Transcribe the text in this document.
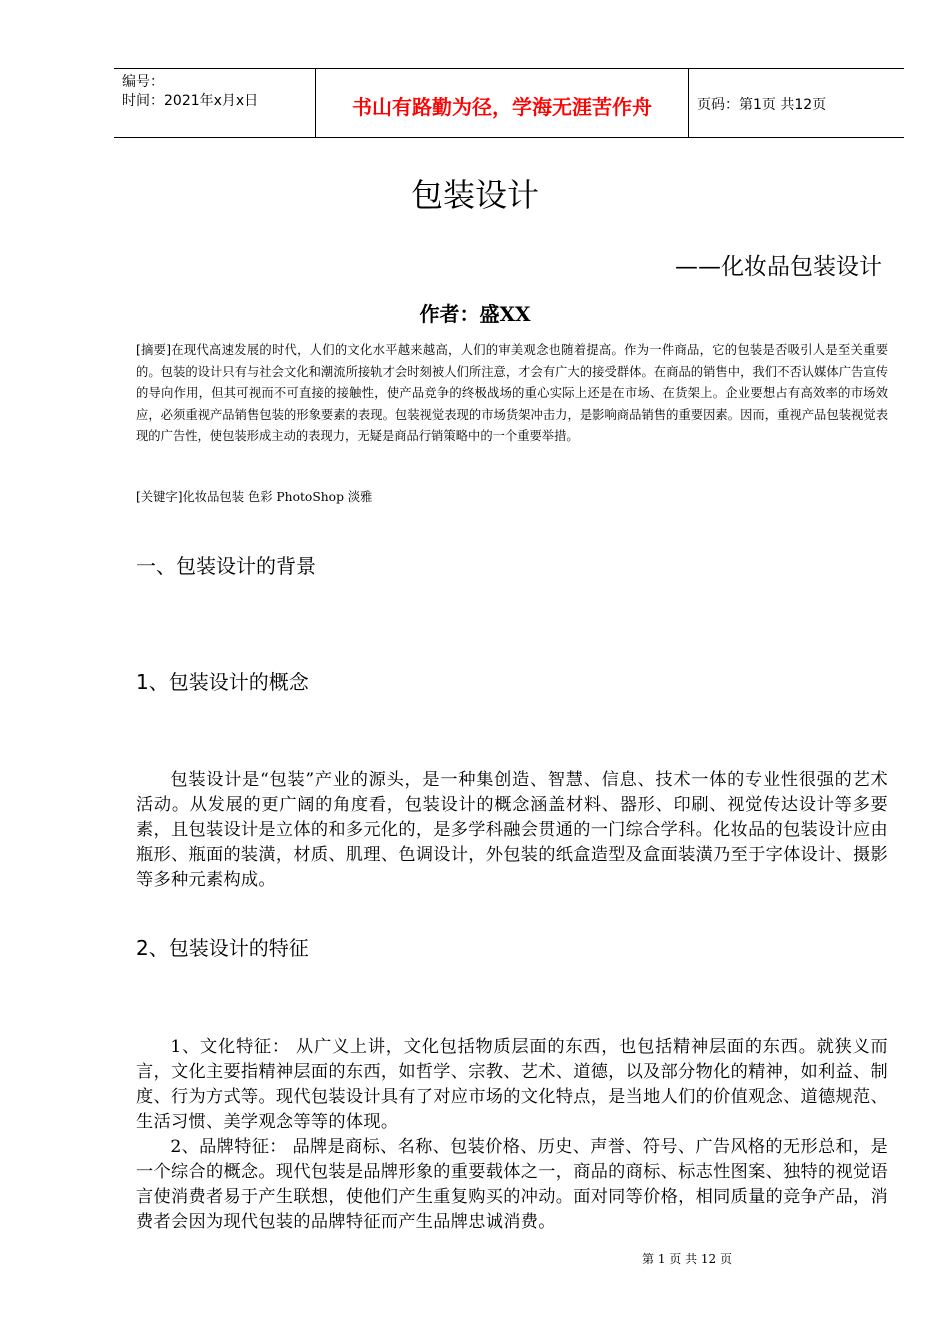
编号：
时间：2021年x月x日	书山有路勤为径，学海无涯苦作舟	页码：第1页 共12页
包装设计
——化妆品包装设计
作者：盛XX
[摘要]在现代高速发展的时代，人们的文化水平越来越高，人们的审美观念也随着提高。作为一件商品，它的包装是否吸引人是至关重要的。包装的设计只有与社会文化和潮流所接轨才会时刻被人们所注意，才会有广大的接受群体。在商品的销售中，我们不否认媒体广告宣传的导向作用，但其可视而不可直接的接触性，使产品竞争的终极战场的重心实际上还是在市场、在货架上。企业要想占有高效率的市场效应，必须重视产品销售包装的形象要素的表现。包装视觉表现的市场货架冲击力，是影响商品销售的重要因素。因而，重视产品包装视觉表现的广告性，使包装形成主动的表现力，无疑是商品行销策略中的一个重要举措。
[关键字]化妆品包装 色彩 PhotoShop 淡雅
一、包装设计的背景
1、包装设计的概念

包装设计是“包装”产业的源头，是一种集创造、智慧、信息、技术一体的专业性很强的艺术活动。从发展的更广阔的角度看，包装设计的概念涵盖材料、器形、印刷、视觉传达设计等多要素，且包装设计是立体的和多元化的，是多学科融会贯通的一门综合学科。化妆品的包装设计应由瓶形、瓶面的装潢，材质、肌理、色调设计，外包装的纸盒造型及盒面装潢乃至于字体设计、摄影等多种元素构成。

2、包装设计的特征

1、文化特征： 从广义上讲，文化包括物质层面的东西，也包括精神层面的东西。就狭义而言，文化主要指精神层面的东西，如哲学、宗教、艺术、道德，以及部分物化的精神，如利益、制度、行为方式等。现代包装设计具有了对应市场的文化特点，是当地人们的价值观念、道德规范、生活习惯、美学观念等等的体现。

2、品牌特征： 品牌是商标、名称、包装价格、历史、声誉、符号、广告风格的无形总和，是一个综合的概念。现代包装是品牌形象的重要载体之一，商品的商标、标志性图案、独特的视觉语言使消费者易于产生联想，使他们产生重复购买的冲动。面对同等价格，相同质量的竞争产品，消费者会因为现代包装的品牌特征而产生品牌忠诚消费。

第 1 页 共 12 页
